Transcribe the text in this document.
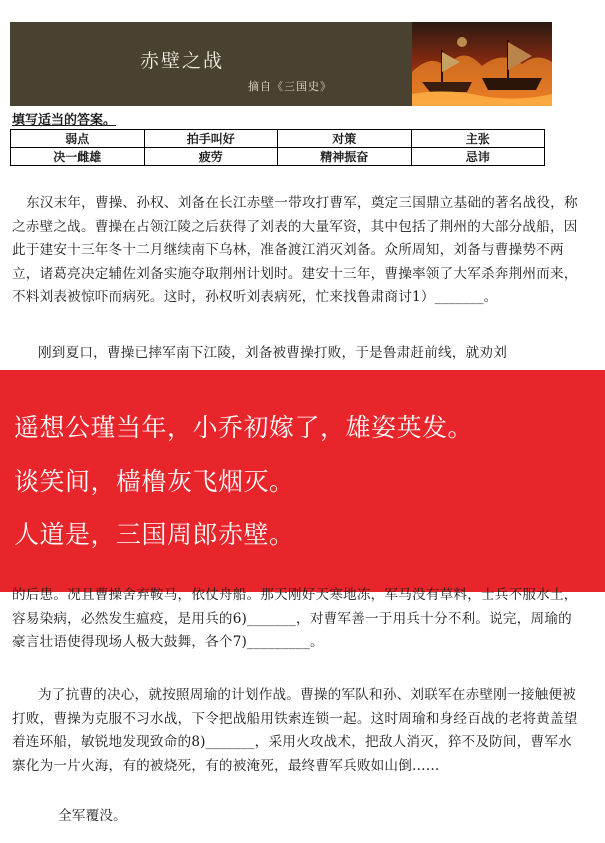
赤壁之战
摘自《三国史》
填写适当的答案。
弱点	拍手叫好	对策	主张
决一雌雄	疲劳	精神振奋	忌讳
东汉末年，曹操、孙权、刘备在长江赤壁一带攻打曹军，奠定三国鼎立基础的著名战役，称之赤壁之战。曹操在占领江陵之后获得了刘表的大量军资，其中包括了荆州的大部分战船，因此于建安十三年冬十二月继续南下乌林，准备渡江消灭刘备。众所周知，刘备与曹操势不两立，诸葛亮决定辅佐刘备实施夺取荆州计划时。建安十三年，曹操率领了大军杀奔荆州而来，不料刘表被惊吓而病死。这时，孙权听刘表病死，忙来找鲁肃商讨1）_______。
刚到夏口，曹操已摔军南下江陵，刘备被曹操打败，于是鲁肃赶前线，就劝刘
遥想公瑾当年，小乔初嫁了，雄姿英发。
谈笑间，樯橹灰飞烟灭。
人道是，三国周郎赤壁。
的后患。况且曹操舍弃鞍马，依仗舟船。那天刚好天寒地冻，军马没有草料，士兵不服水土，容易染病，必然发生瘟疫，是用兵的6)_______，对曹军善一于用兵十分不利。说完，周瑜的豪言壮语使得现场人极大鼓舞，各个7)_________。
为了抗曹的决心，就按照周瑜的计划作战。曹操的军队和孙、刘联军在赤壁刚一接触便被打败，曹操为克服不习水战，下令把战船用铁索连锁一起。这时周瑜和身经百战的老将黄盖望着连环船，敏锐地发现致命的8)_______，采用火攻战术，把敌人消灭，猝不及防间，曹军水寨化为一片火海，有的被烧死，有的被淹死，最终曹军兵败如山倒……
全军覆没。
